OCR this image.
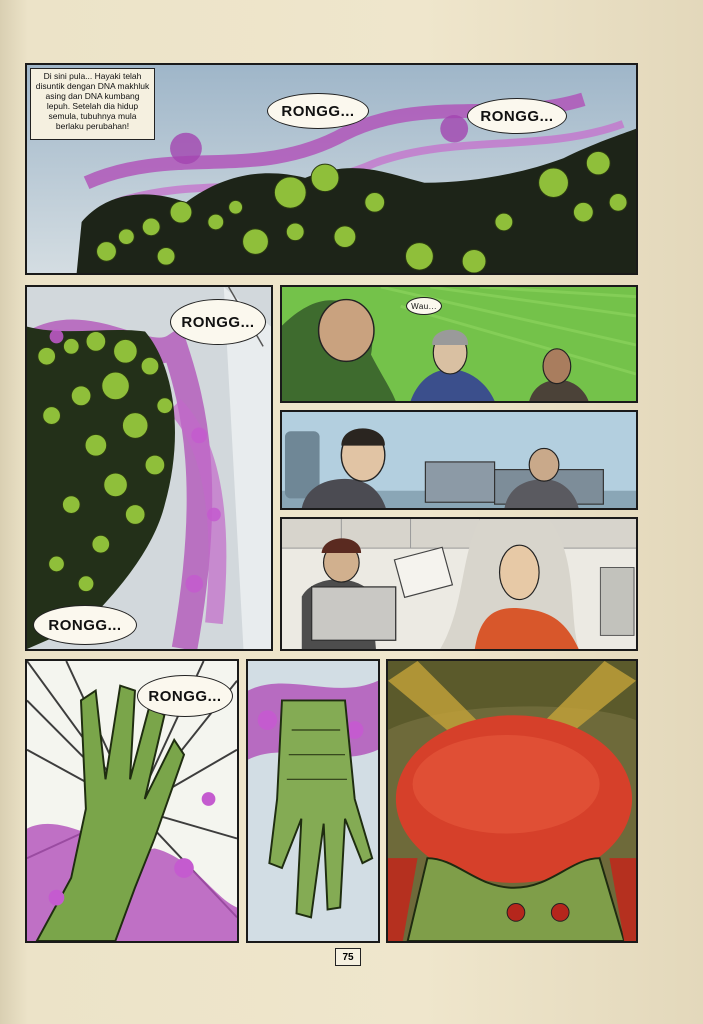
Di sini pula... Hayaki telah disuntik dengan DNA makhluk asing dan DNA kumbang lepuh. Setelah dia hidup semula, tubuhnya mula berlaku perubahan!
RONGG...	RONGG...
RONGG...
RONGG...
Wau...
RONGG...
75
